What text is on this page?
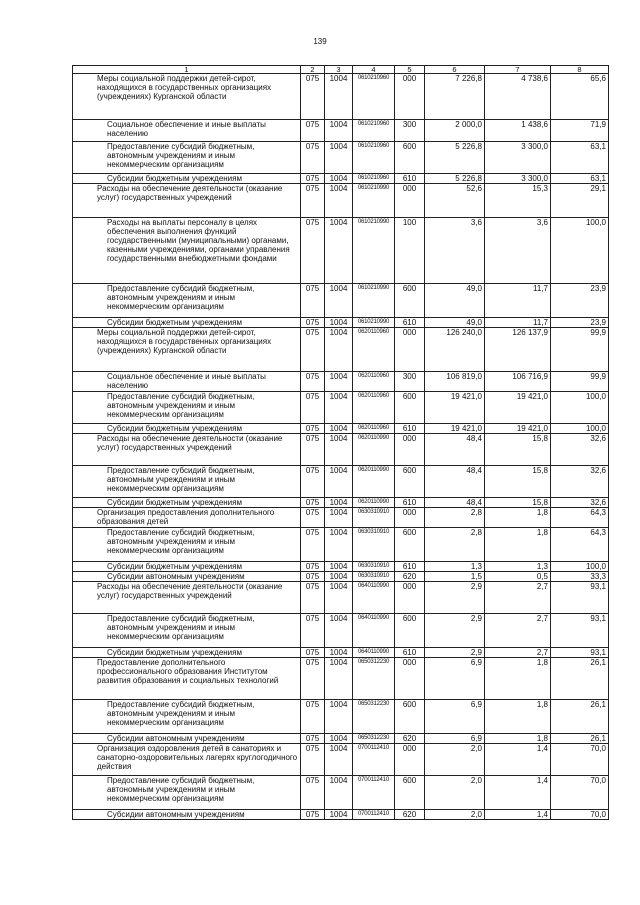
139
1	2	3	4	5	6	7	8
Меры социальной поддержки детей-сирот, находящихся в государственных организациях (учреждениях) Курганской области	075	1004	0610210960	000	7 226,8	4 738,6	65,6
Социальное обеспечение и иные выплаты населению	075	1004	0610210960	300	2 000,0	1 438,6	71,9
Предоставление субсидий бюджетным, автономным учреждениям и иным некоммерческим организациям	075	1004	0610210960	600	5 226,8	3 300,0	63,1
Субсидии бюджетным учреждениям	075	1004	0610210960	610	5 226,8	3 300,0	63,1
Расходы на обеспечение деятельности (оказание услуг) государственных учреждений	075	1004	0610210990	000	52,6	15,3	29,1
Расходы на выплаты персоналу в целях обеспечения выполнения функций государственными (муниципальными) органами, казенными учреждениями, органами управления государственными внебюджетными фондами	075	1004	0610210990	100	3,6	3,6	100,0
Предоставление субсидий бюджетным, автономным учреждениям и иным некоммерческим организациям	075	1004	0610210990	600	49,0	11,7	23,9
Субсидии бюджетным учреждениям	075	1004	0610210990	610	49,0	11,7	23,9
Меры социальной поддержки детей-сирот, находящихся в государственных организациях (учреждениях) Курганской области	075	1004	0620110960	000	126 240,0	126 137,9	99,9
Социальное обеспечение и иные выплаты населению	075	1004	0620110960	300	106 819,0	106 716,9	99,9
Предоставление субсидий бюджетным, автономным учреждениям и иным некоммерческим организациям	075	1004	0620110960	600	19 421,0	19 421,0	100,0
Субсидии бюджетным учреждениям	075	1004	0620110960	610	19 421,0	19 421,0	100,0
Расходы на обеспечение деятельности (оказание услуг) государственных учреждений	075	1004	0620110990	000	48,4	15,8	32,6
Предоставление субсидий бюджетным, автономным учреждениям и иным некоммерческим организациям	075	1004	0620110990	600	48,4	15,8	32,6
Субсидии бюджетным учреждениям	075	1004	0620110990	610	48,4	15,8	32,6
Организация предоставления дополнительного образования детей	075	1004	0630310910	000	2,8	1,8	64,3
Предоставление субсидий бюджетным, автономным учреждениям и иным некоммерческим организациям	075	1004	0630310910	600	2,8	1,8	64,3
Субсидии бюджетным учреждениям	075	1004	0630310910	610	1,3	1,3	100,0
Субсидии автономным учреждениям	075	1004	0630310910	620	1,5	0,5	33,3
Расходы на обеспечение деятельности (оказание услуг) государственных учреждений	075	1004	0640110990	000	2,9	2,7	93,1
Предоставление субсидий бюджетным, автономным учреждениям и иным некоммерческим организациям	075	1004	0640110990	600	2,9	2,7	93,1
Субсидии бюджетным учреждениям	075	1004	0640110990	610	2,9	2,7	93,1
Предоставление дополнительного профессионального образования Институтом развития образования и социальных технологий	075	1004	0650312230	000	6,9	1,8	26,1
Предоставление субсидий бюджетным, автономным учреждениям и иным некоммерческим организациям	075	1004	0650312230	600	6,9	1,8	26,1
Субсидии автономным учреждениям	075	1004	0650312230	620	6,9	1,8	26,1
Организация оздоровления детей в санаториях и санаторно-оздоровительных лагерях круглогодичного действия	075	1004	0700112410	000	2,0	1,4	70,0
Предоставление субсидий бюджетным, автономным учреждениям и иным некоммерческим организациям	075	1004	0700112410	600	2,0	1,4	70,0
Субсидии автономным учреждениям	075	1004	0700112410	620	2,0	1,4	70,0
